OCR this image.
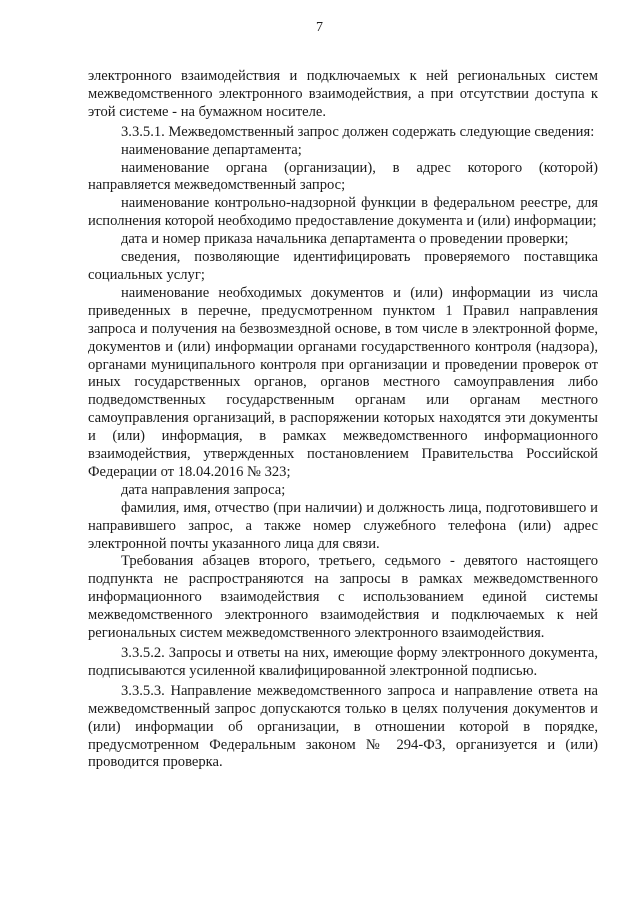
7

электронного взаимодействия и подключаемых к ней региональных систем межведомственного электронного взаимодействия, а при отсутствии доступа к этой системе - на бумажном носителе.

3.3.5.1. Межведомственный запрос должен содержать следующие сведения:

наименование департамента;

наименование органа (организации), в адрес которого (которой) направляется межведомственный запрос;

наименование контрольно-надзорной функции в федеральном реестре, для исполнения которой необходимо предоставление документа и (или) информации;

дата и номер приказа начальника департамента о проведении проверки;

сведения, позволяющие идентифицировать проверяемого поставщика социальных услуг;

наименование необходимых документов и (или) информации из числа приведенных в перечне, предусмотренном пунктом 1 Правил направления запроса и получения на безвозмездной основе, в том числе в электронной форме, документов и (или) информации органами государственного контроля (надзора), органами муниципального контроля при организации и проведении проверок от иных государственных органов, органов местного самоуправления либо подведомственных государственным органам или органам местного самоуправления организаций, в распоряжении которых находятся эти документы и (или) информация, в рамках межведомственного информационного взаимодействия, утвержденных постановлением Правительства Российской Федерации от 18.04.2016 № 323;

дата направления запроса;

фамилия, имя, отчество (при наличии) и должность лица, подготовившего и направившего запрос, а также номер служебного телефона (или) адрес электронной почты указанного лица для связи.

Требования абзацев второго, третьего, седьмого - девятого настоящего подпункта не распространяются на запросы в рамках межведомственного информационного взаимодействия с использованием единой системы межведомственного электронного взаимодействия и подключаемых к ней региональных систем межведомственного электронного взаимодействия.

3.3.5.2. Запросы и ответы на них, имеющие форму электронного документа, подписываются усиленной квалифицированной электронной подписью.

3.3.5.3. Направление межведомственного запроса и направление ответа на межведомственный запрос допускаются только в целях получения документов и (или) информации об организации, в отношении которой в порядке, предусмотренном Федеральным законом № 294-ФЗ, организуется и (или) проводится проверка.
